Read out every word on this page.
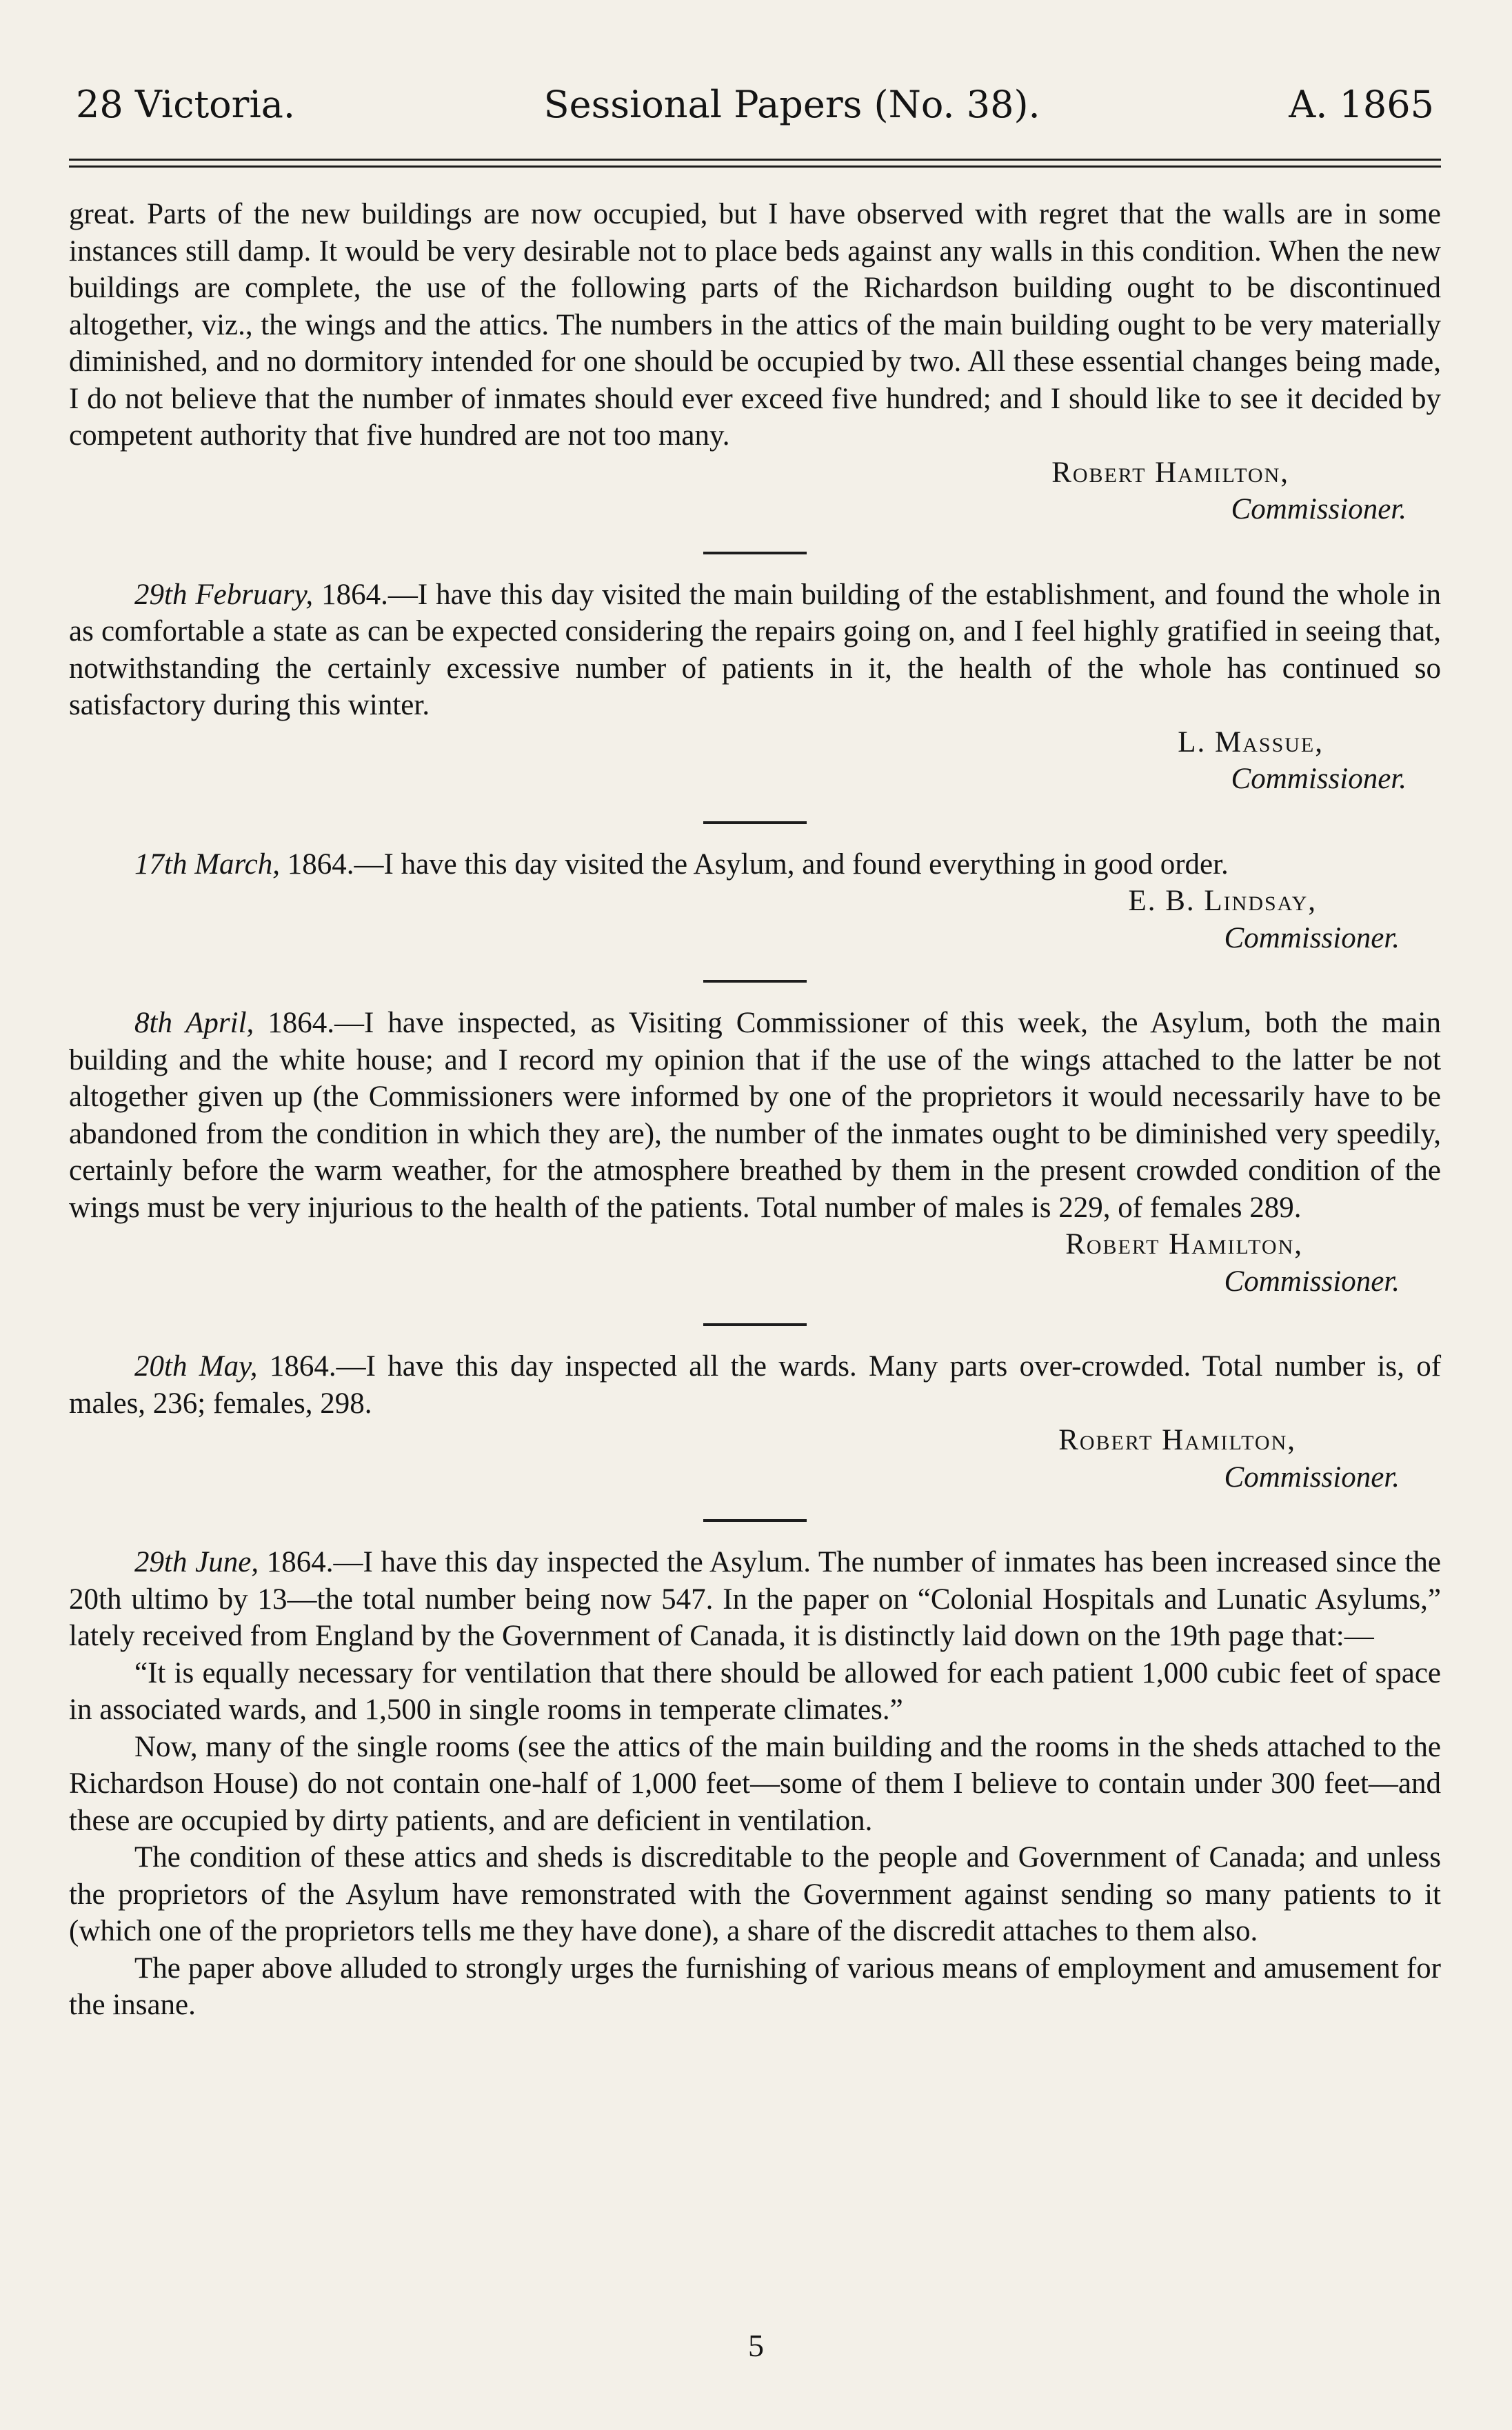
28 Victoria.	Sessional Papers (No. 38).	A. 1865

great. Parts of the new buildings are now occupied, but I have observed with regret that the walls are in some instances still damp. It would be very desirable not to place beds against any walls in this condition. When the new buildings are complete, the use of the following parts of the Richardson building ought to be discontinued altogether, viz., the wings and the attics. The numbers in the attics of the main building ought to be very materially diminished, and no dormitory intended for one should be occupied by two. All these essential changes being made, I do not believe that the number of inmates should ever exceed five hundred; and I should like to see it decided by competent authority that five hundred are not too many.

Robert Hamilton,
Commissioner.

29th February, 1864.—I have this day visited the main building of the establishment, and found the whole in as comfortable a state as can be expected considering the repairs going on, and I feel highly gratified in seeing that, notwithstanding the certainly excessive number of patients in it, the health of the whole has continued so satisfactory during this winter.

L. Massue,
Commissioner.

17th March, 1864.—I have this day visited the Asylum, and found everything in good order.

E. B. Lindsay,
Commissioner.

8th April, 1864.—I have inspected, as Visiting Commissioner of this week, the Asylum, both the main building and the white house; and I record my opinion that if the use of the wings attached to the latter be not altogether given up (the Commissioners were informed by one of the proprietors it would necessarily have to be abandoned from the condition in which they are), the number of the inmates ought to be diminished very speedily, certainly before the warm weather, for the atmosphere breathed by them in the present crowded condition of the wings must be very injurious to the health of the patients. Total number of males is 229, of females 289.

Robert Hamilton,
Commissioner.

20th May, 1864.—I have this day inspected all the wards. Many parts over-crowded. Total number is, of males, 236; females, 298.

Robert Hamilton,
Commissioner.

29th June, 1864.—I have this day inspected the Asylum. The number of inmates has been increased since the 20th ultimo by 13—the total number being now 547. In the paper on “Colonial Hospitals and Lunatic Asylums,” lately received from England by the Government of Canada, it is distinctly laid down on the 19th page that:—

“It is equally necessary for ventilation that there should be allowed for each patient 1,000 cubic feet of space in associated wards, and 1,500 in single rooms in temperate climates.”

Now, many of the single rooms (see the attics of the main building and the rooms in the sheds attached to the Richardson House) do not contain one-half of 1,000 feet—some of them I believe to contain under 300 feet—and these are occupied by dirty patients, and are deficient in ventilation.

The condition of these attics and sheds is discreditable to the people and Government of Canada; and unless the proprietors of the Asylum have remonstrated with the Government against sending so many patients to it (which one of the proprietors tells me they have done), a share of the discredit attaches to them also.

The paper above alluded to strongly urges the furnishing of various means of employment and amusement for the insane.

5
